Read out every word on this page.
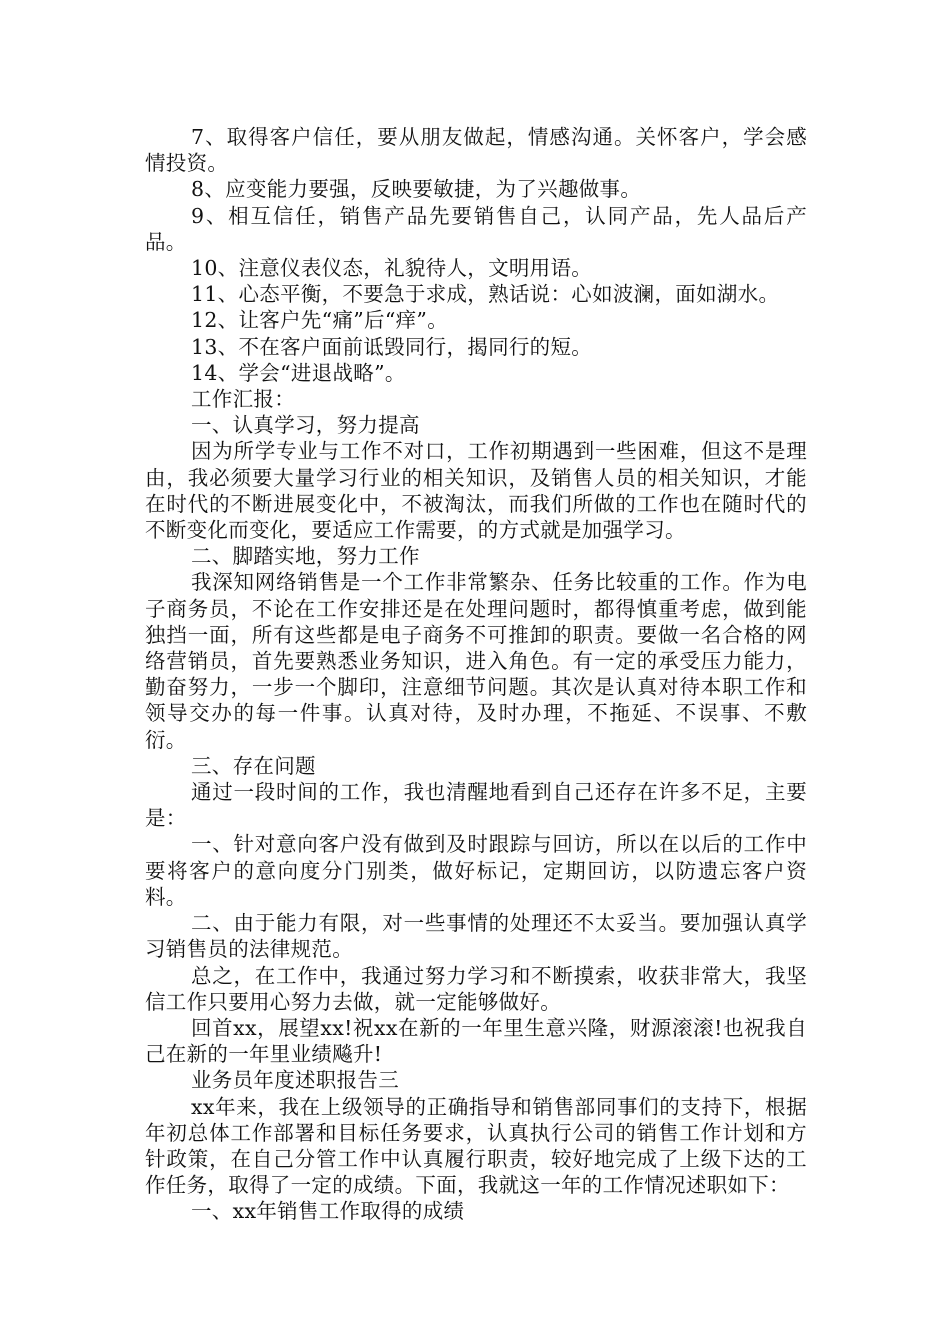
7、取得客户信任，要从朋友做起，情感沟通。关怀客户，学会感情投资。

8、应变能力要强，反映要敏捷，为了兴趣做事。

9、相互信任，销售产品先要销售自己，认同产品，先人品后产品。

10、注意仪表仪态，礼貌待人，文明用语。

11、心态平衡，不要急于求成，熟话说：心如波澜，面如湖水。

12、让客户先“痛”后“痒”。

13、不在客户面前诋毁同行，揭同行的短。

14、学会“进退战略”。

工作汇报：

一、认真学习，努力提高

因为所学专业与工作不对口，工作初期遇到一些困难，但这不是理由，我必须要大量学习行业的相关知识，及销售人员的相关知识，才能在时代的不断进展变化中，不被淘汰，而我们所做的工作也在随时代的不断变化而变化，要适应工作需要，的方式就是加强学习。

二、脚踏实地，努力工作

我深知网络销售是一个工作非常繁杂、任务比较重的工作。作为电子商务员，不论在工作安排还是在处理问题时，都得慎重考虑，做到能独挡一面，所有这些都是电子商务不可推卸的职责。要做一名合格的网络营销员，首先要熟悉业务知识，进入角色。有一定的承受压力能力，勤奋努力，一步一个脚印，注意细节问题。其次是认真对待本职工作和领导交办的每一件事。认真对待，及时办理，不拖延、不误事、不敷衍。

三、存在问题

通过一段时间的工作，我也清醒地看到自己还存在许多不足，主要是：

一、针对意向客户没有做到及时跟踪与回访，所以在以后的工作中要将客户的意向度分门别类，做好标记，定期回访，以防遗忘客户资料。

二、由于能力有限，对一些事情的处理还不太妥当。要加强认真学习销售员的法律规范。

总之，在工作中，我通过努力学习和不断摸索，收获非常大，我坚信工作只要用心努力去做，就一定能够做好。

回首xx，展望xx!祝xx在新的一年里生意兴隆，财源滚滚!也祝我自己在新的一年里业绩飚升!

业务员年度述职报告三

xx年来，我在上级领导的正确指导和销售部同事们的支持下，根据年初总体工作部署和目标任务要求，认真执行公司的销售工作计划和方针政策，在自己分管工作中认真履行职责，较好地完成了上级下达的工作任务，取得了一定的成绩。下面，我就这一年的工作情况述职如下：

一、xx年销售工作取得的成绩
